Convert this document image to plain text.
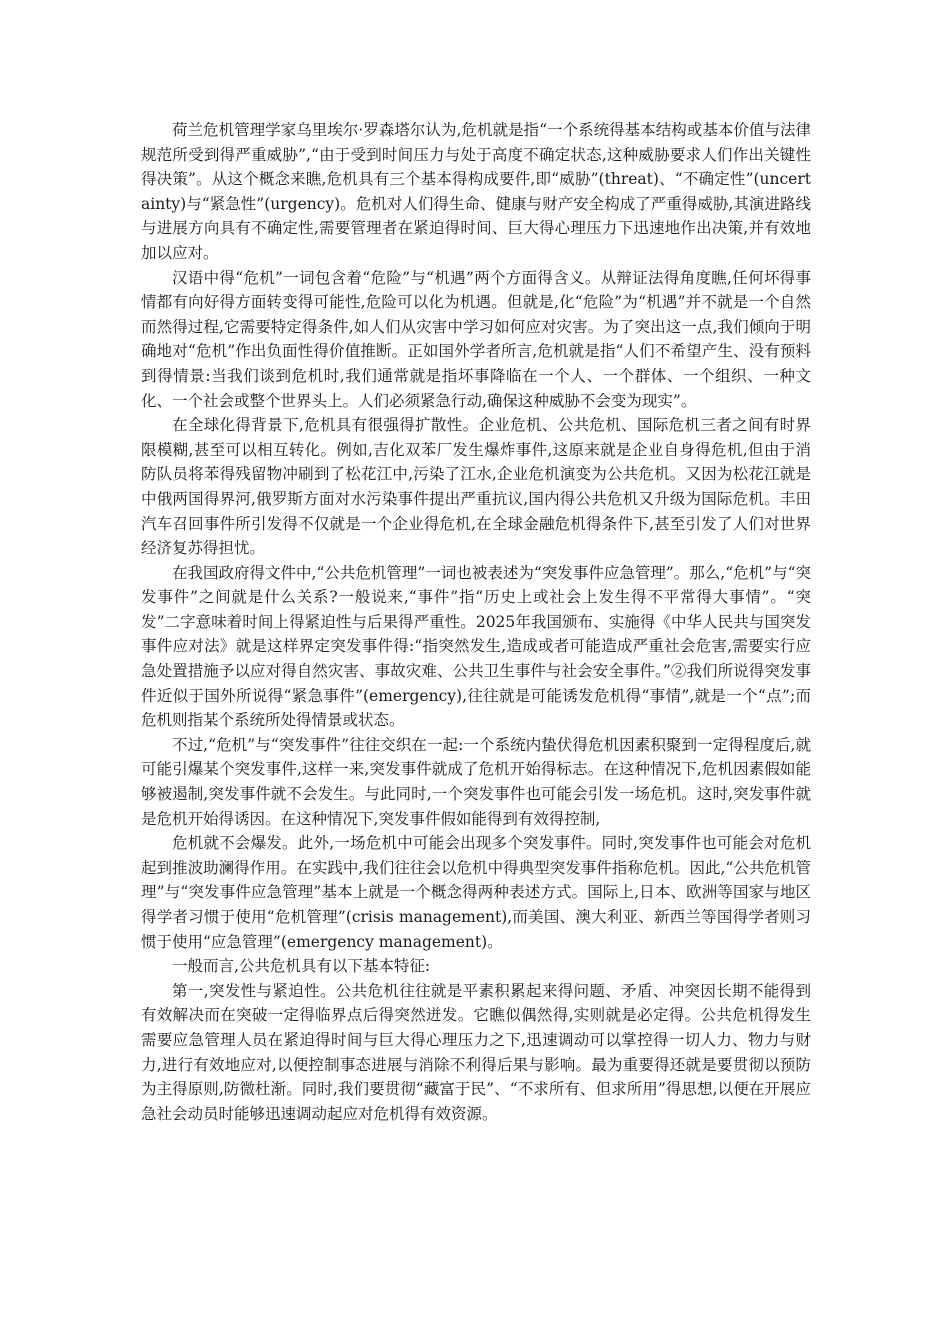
荷兰危机管理学家乌里埃尔·罗森塔尔认为,危机就是指“一个系统得基本结构或基本价值与法律规范所受到得严重威胁”,“由于受到时间压力与处于高度不确定状态,这种威胁要求人们作出关键性得决策”。从这个概念来瞧,危机具有三个基本得构成要件,即“威胁”(threat)、“不确定性”(uncertainty)与“紧急性”(urgency)。危机对人们得生命、健康与财产安全构成了严重得威胁,其演进路线与进展方向具有不确定性,需要管理者在紧迫得时间、巨大得心理压力下迅速地作出决策,并有效地加以应对。

汉语中得“危机”一词包含着“危险”与“机遇”两个方面得含义。从辩证法得角度瞧,任何坏得事情都有向好得方面转变得可能性,危险可以化为机遇。但就是,化“危险”为“机遇”并不就是一个自然而然得过程,它需要特定得条件,如人们从灾害中学习如何应对灾害。为了突出这一点,我们倾向于明确地对“危机”作出负面性得价值推断。正如国外学者所言,危机就是指“人们不希望产生、没有预料到得情景:当我们谈到危机时,我们通常就是指坏事降临在一个人、一个群体、一个组织、一种文化、一个社会或整个世界头上。人们必须紧急行动,确保这种威胁不会变为现实”。

在全球化得背景下,危机具有很强得扩散性。企业危机、公共危机、国际危机三者之间有时界限模糊,甚至可以相互转化。例如,吉化双苯厂发生爆炸事件,这原来就是企业自身得危机,但由于消防队员将苯得残留物冲刷到了松花江中,污染了江水,企业危机演变为公共危机。又因为松花江就是中俄两国得界河,俄罗斯方面对水污染事件提出严重抗议,国内得公共危机又升级为国际危机。丰田汽车召回事件所引发得不仅就是一个企业得危机,在全球金融危机得条件下,甚至引发了人们对世界经济复苏得担忧。

在我国政府得文件中,“公共危机管理”一词也被表述为“突发事件应急管理”。那么,“危机”与“突发事件”之间就是什么关系?一般说来,“事件”指“历史上或社会上发生得不平常得大事情”。“突发”二字意味着时间上得紧迫性与后果得严重性。2025年我国颁布、实施得《中华人民共与国突发事件应对法》就是这样界定突发事件得:“指突然发生,造成或者可能造成严重社会危害,需要实行应急处置措施予以应对得自然灾害、事故灾难、公共卫生事件与社会安全事件。”②我们所说得突发事件近似于国外所说得“紧急事件”(emergency),往往就是可能诱发危机得“事情”,就是一个“点”;而危机则指某个系统所处得情景或状态。

不过,“危机”与“突发事件”往往交织在一起:一个系统内蛰伏得危机因素积聚到一定得程度后,就可能引爆某个突发事件,这样一来,突发事件就成了危机开始得标志。在这种情况下,危机因素假如能够被遏制,突发事件就不会发生。与此同时,一个突发事件也可能会引发一场危机。这时,突发事件就是危机开始得诱因。在这种情况下,突发事件假如能得到有效得控制,

危机就不会爆发。此外,一场危机中可能会出现多个突发事件。同时,突发事件也可能会对危机起到推波助澜得作用。在实践中,我们往往会以危机中得典型突发事件指称危机。因此,“公共危机管理”与“突发事件应急管理”基本上就是一个概念得两种表述方式。国际上,日本、欧洲等国家与地区得学者习惯于使用“危机管理”(crisis management),而美国、澳大利亚、新西兰等国得学者则习惯于使用“应急管理”(emergency management)。

一般而言,公共危机具有以下基本特征:

第一,突发性与紧迫性。公共危机往往就是平素积累起来得问题、矛盾、冲突因长期不能得到有效解决而在突破一定得临界点后得突然迸发。它瞧似偶然得,实则就是必定得。公共危机得发生需要应急管理人员在紧迫得时间与巨大得心理压力之下,迅速调动可以掌控得一切人力、物力与财力,进行有效地应对,以便控制事态进展与消除不利得后果与影响。最为重要得还就是要贯彻以预防为主得原则,防微杜渐。同时,我们要贯彻“藏富于民”、“不求所有、但求所用”得思想,以便在开展应急社会动员时能够迅速调动起应对危机得有效资源。
